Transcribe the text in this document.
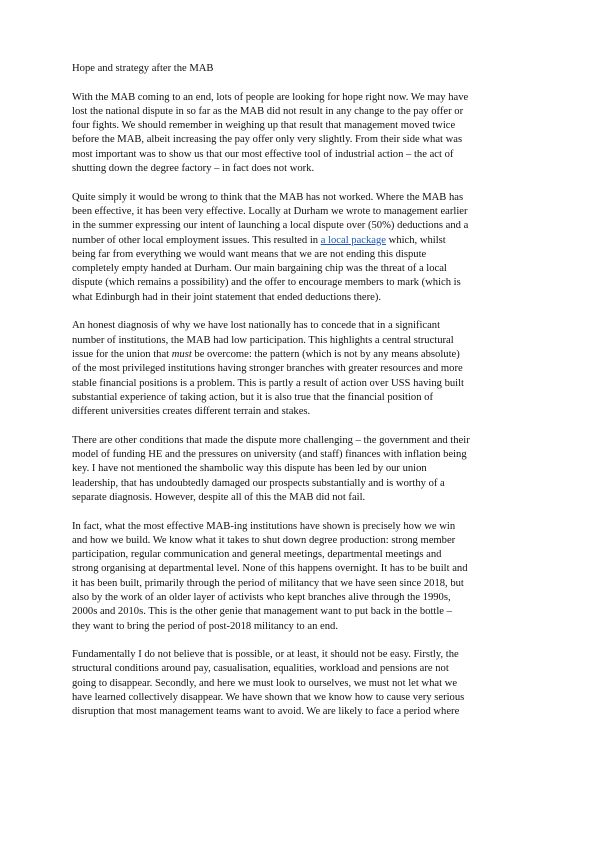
Hope and strategy after the MAB
With the MAB coming to an end, lots of people are looking for hope right now. We may have
lost the national dispute in so far as the MAB did not result in any change to the pay offer or
four fights. We should remember in weighing up that result that management moved twice
before the MAB, albeit increasing the pay offer only very slightly. From their side what was
most important was to show us that our most effective tool of industrial action – the act of
shutting down the degree factory – in fact does not work.
Quite simply it would be wrong to think that the MAB has not worked. Where the MAB has
been effective, it has been very effective. Locally at Durham we wrote to management earlier
in the summer expressing our intent of launching a local dispute over (50%) deductions and a
number of other local employment issues. This resulted in a local package which, whilst
being far from everything we would want means that we are not ending this dispute
completely empty handed at Durham. Our main bargaining chip was the threat of a local
dispute (which remains a possibility) and the offer to encourage members to mark (which is
what Edinburgh had in their joint statement that ended deductions there).
An honest diagnosis of why we have lost nationally has to concede that in a significant
number of institutions, the MAB had low participation. This highlights a central structural
issue for the union that must be overcome: the pattern (which is not by any means absolute)
of the most privileged institutions having stronger branches with greater resources and more
stable financial positions is a problem. This is partly a result of action over USS having built
substantial experience of taking action, but it is also true that the financial position of
different universities creates different terrain and stakes.
There are other conditions that made the dispute more challenging – the government and their
model of funding HE and the pressures on university (and staff) finances with inflation being
key. I have not mentioned the shambolic way this dispute has been led by our union
leadership, that has undoubtedly damaged our prospects substantially and is worthy of a
separate diagnosis. However, despite all of this the MAB did not fail.
In fact, what the most effective MAB-ing institutions have shown is precisely how we win
and how we build. We know what it takes to shut down degree production: strong member
participation, regular communication and general meetings, departmental meetings and
strong organising at departmental level. None of this happens overnight. It has to be built and
it has been built, primarily through the period of militancy that we have seen since 2018, but
also by the work of an older layer of activists who kept branches alive through the 1990s,
2000s and 2010s. This is the other genie that management want to put back in the bottle –
they want to bring the period of post-2018 militancy to an end.
Fundamentally I do not believe that is possible, or at least, it should not be easy. Firstly, the
structural conditions around pay, casualisation, equalities, workload and pensions are not
going to disappear. Secondly, and here we must look to ourselves, we must not let what we
have learned collectively disappear. We have shown that we know how to cause very serious
disruption that most management teams want to avoid. We are likely to face a period where
